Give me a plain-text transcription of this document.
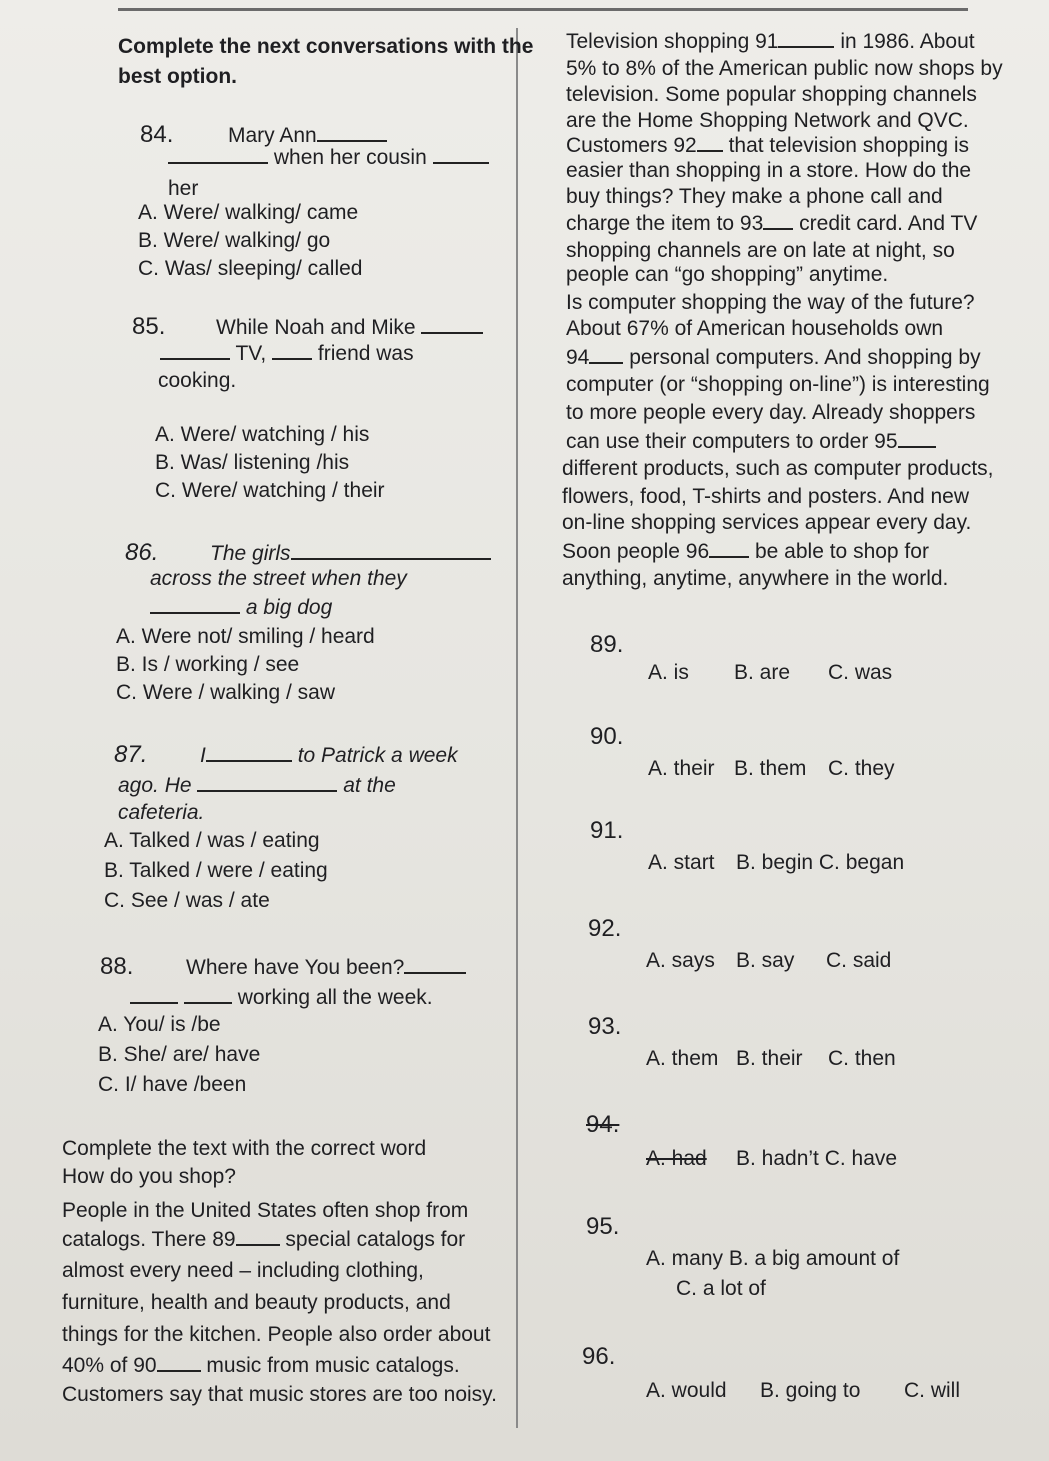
Complete the next conversations with the
best option.
84.	Mary Ann
when her cousin
her
A. Were/ walking/ came
B. Were/ walking/ go
C. Was/ sleeping/ called
85. While Noah and Mike
TV, friend was
cooking.
A. Were/ watching / his
B. Was/ listening /his
C. Were/ watching / their
86. The girls
across the street when they
a big dog
A. Were not/ smiling / heard
B. Is / working / see
C. Were / walking / saw
87.	I	to Patrick a week
ago. He	at the
cafeteria.
A. Talked / was / eating
B. Talked / were / eating
C. See / was / ate
88.	Where have You been?
working all the week.
A. You/ is /be
B. She/ are/ have
C. I/ have /been
Complete the text with the correct word
How do you shop?
People in the United States often shop from
catalogs. There 89 special catalogs for
almost every need – including clothing,
furniture, health and beauty products, and
things for the kitchen. People also order about
40% of 90 music from music catalogs.
Customers say that music stores are too noisy.
Television shopping 91	in 1986. About
5% to 8% of the American public now shops by
television. Some popular shopping channels
are the Home Shopping Network and QVC.
Customers 92 that television shopping is
easier than shopping in a store. How do the
buy things? They make a phone call and
charge the item to 93 credit card. And TV
shopping channels are on late at night, so
people can “go shopping” anytime.
Is computer shopping the way of the future?
About 67% of American households own
94 personal computers. And shopping by
computer (or “shopping on-line”) is interesting
to more people every day. Already shoppers
can use their computers to order 95
different products, such as computer products,
flowers, food, T-shirts and posters. And new
on-line shopping services appear every day.
Soon people 96 be able to shop for
anything, anytime, anywhere in the world.
89.
A. is B. are C. was
90.
A. their B. them C. they
91.
A. start B. begin C. began
92.
A. says B. say C. said
93.
A. them B. their C. then
94.
A. had B. hadn’t C. have
95.
A. many B. a big amount of
C. a lot of
96.
A. would B. going to C. will
